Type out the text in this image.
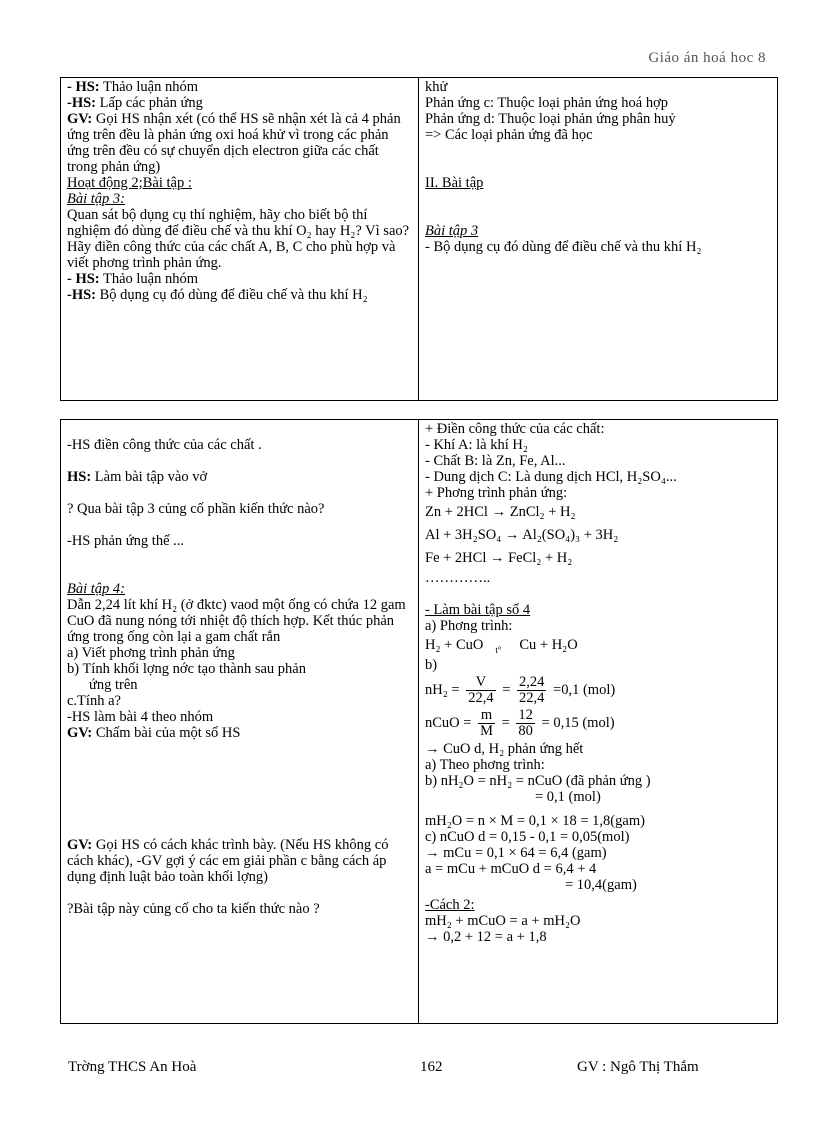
Giáo án hoá hoc 8
- HS: Thảo luận nhóm
-HS: Lấp các phản ứng
GV: Gọi HS nhận xét (có thể HS sẽ nhận xét là cả 4 phản ứng trên đều là phản ứng oxi hoá khử vì trong các phản ứng trên đều có sự chuyển dịch electron giữa các chất trong phản ứng)
Hoạt động 2;Bài tập :
Bài tập 3:
Quan sát bộ dụng cụ thí nghiệm, hãy cho biết bộ thí nghiệm đó dùng để điều chế và thu khí O₂ hay H₂? Vì sao?
Hãy điền công thức của các chất A, B, C cho phù hợp và viết phơng trình phản ứng.
- HS: Thảo luận nhóm
-HS: Bộ dụng cụ đó dùng để điều chế và thu khí H₂

khử
Phản ứng c: Thuộc loại phản ứng hoá hợp
Phản ứng d: Thuộc loại phản ứng phân huỷ
=> Các loại phản ứng đã học
II. Bài tập
Bài tập 3
- Bộ dụng cụ đó dùng để điều chế và thu khí H₂
-HS điền công thức của các chất .
HS: Làm bài tập vào vở
? Qua bài tập 3 củng cố phần kiến thức nào?
-HS phản ứng thế ...
Bài tập 4:
Dẫn 2,24 lít khí H₂ (ở đktc) vaod một ống có chứa 12 gam CuO đã nung nóng tới nhiệt độ thích hợp. Kết thúc phản ứng trong ống còn lại a gam chất rắn
a) Viết phơng trình phản ứng
b) Tính khối lợng nớc tạo thành sau phản
ứng trên
c.Tính a?
-HS làm bài 4 theo nhóm
GV: Chấm bài của một số HS
GV: Gọi HS có cách khác trình bày. (Nếu HS không có cách khác), -GV gợi ý các em giải phần c bằng cách áp dụng định luật bảo toàn khối lợng)
?Bài tập này củng cố cho ta kiến thức nào ?

+ Điền công thức của các chất:
- Khí A: là khí H₂
- Chất B: là Zn, Fe, Al...
- Dung dịch C: Là dung dịch HCl, H₂SO₄...
+ Phơng trình phản ứng:
Zn + 2HCl → ZnCl₂ + H₂
Al + 3H₂SO₄ → Al₂(SO₄)₃ + 3H₂
Fe + 2HCl → FeCl₂ + H₂
…………..
- Làm bài tập số 4
a) Phơng trình:
H₂ + CuO t° Cu + H₂O
b)
$nH_2 = \frac{V}{22,4} = \frac{2,24}{22,4} =0,1$ (mol)
nCuO = $\frac{m}{M} = \frac{12}{80} = 0,15$ (mol)
→ CuO d, H₂ phản ứng hết
a) Theo phơng trình:
b) nH₂O = nH₂ = nCuO (đã phản ứng )
= 0,1 (mol)
mH₂O = n × M = 0,1 × 18 = 1,8(gam)
c) nCuO d = 0,15 - 0,1 = 0,05(mol)
→ mCu = 0,1 × 64 = 6,4 (gam)
a = mCu + mCuO d = 6,4 + 4
= 10,4(gam)
-Cách 2:
mH₂ + mCuO = a + mH₂O
→ 0,2 + 12 = a + 1,8
Trờng THCS An Hoà	162	GV : Ngô Thị Thắm
